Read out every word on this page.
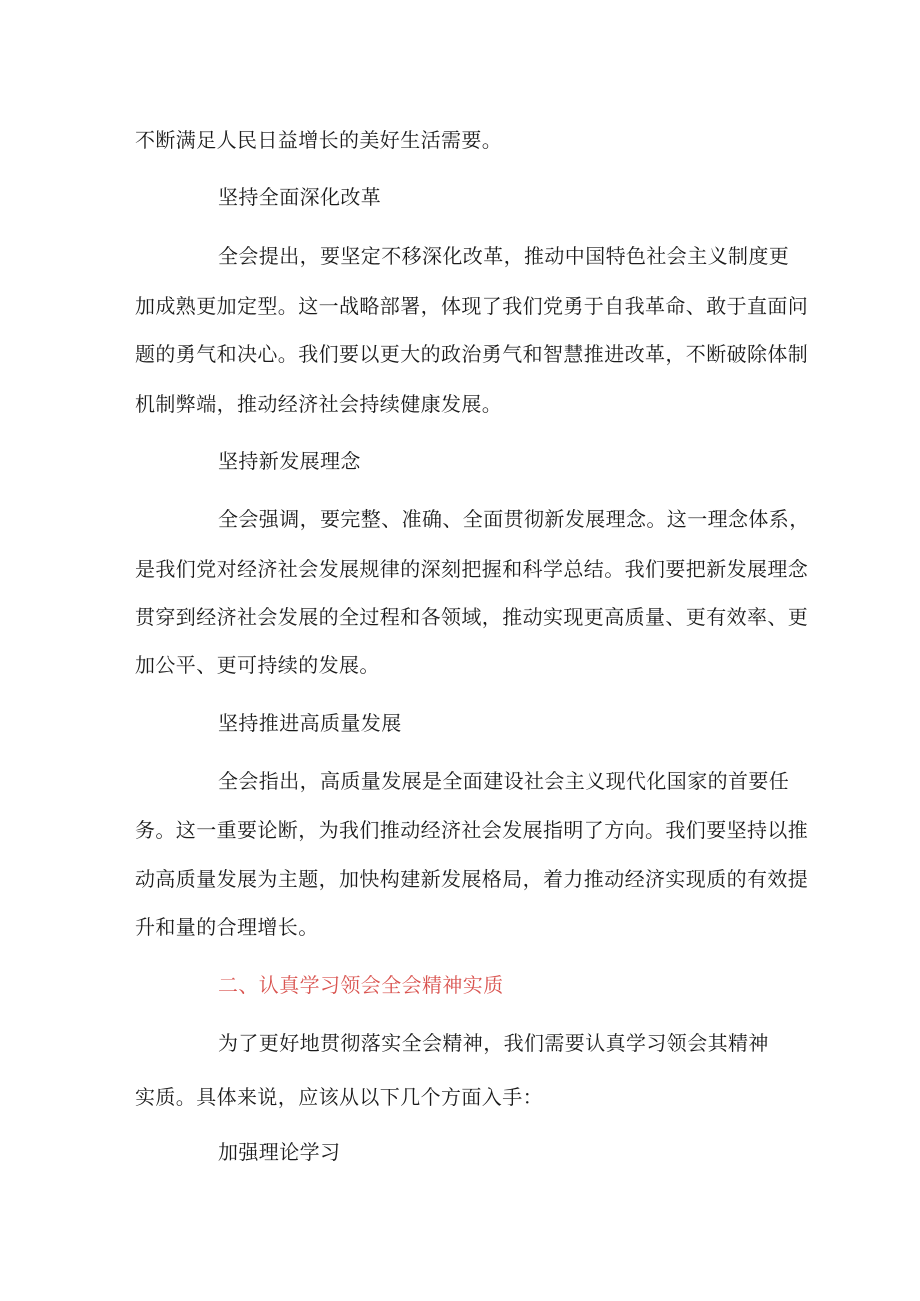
不断满足人民日益增长的美好生活需要。
坚持全面深化改革
全会提出，要坚定不移深化改革，推动中国特色社会主义制度更
加成熟更加定型。这一战略部署，体现了我们党勇于自我革命、敢于直面问
题的勇气和决心。我们要以更大的政治勇气和智慧推进改革，不断破除体制
机制弊端，推动经济社会持续健康发展。
坚持新发展理念
全会强调，要完整、准确、全面贯彻新发展理念。这一理念体系，
是我们党对经济社会发展规律的深刻把握和科学总结。我们要把新发展理念
贯穿到经济社会发展的全过程和各领域，推动实现更高质量、更有效率、更
加公平、更可持续的发展。
坚持推进高质量发展
全会指出，高质量发展是全面建设社会主义现代化国家的首要任
务。这一重要论断，为我们推动经济社会发展指明了方向。我们要坚持以推
动高质量发展为主题，加快构建新发展格局，着力推动经济实现质的有效提
升和量的合理增长。
二、认真学习领会全会精神实质
为了更好地贯彻落实全会精神，我们需要认真学习领会其精神
实质。具体来说，应该从以下几个方面入手：
加强理论学习
